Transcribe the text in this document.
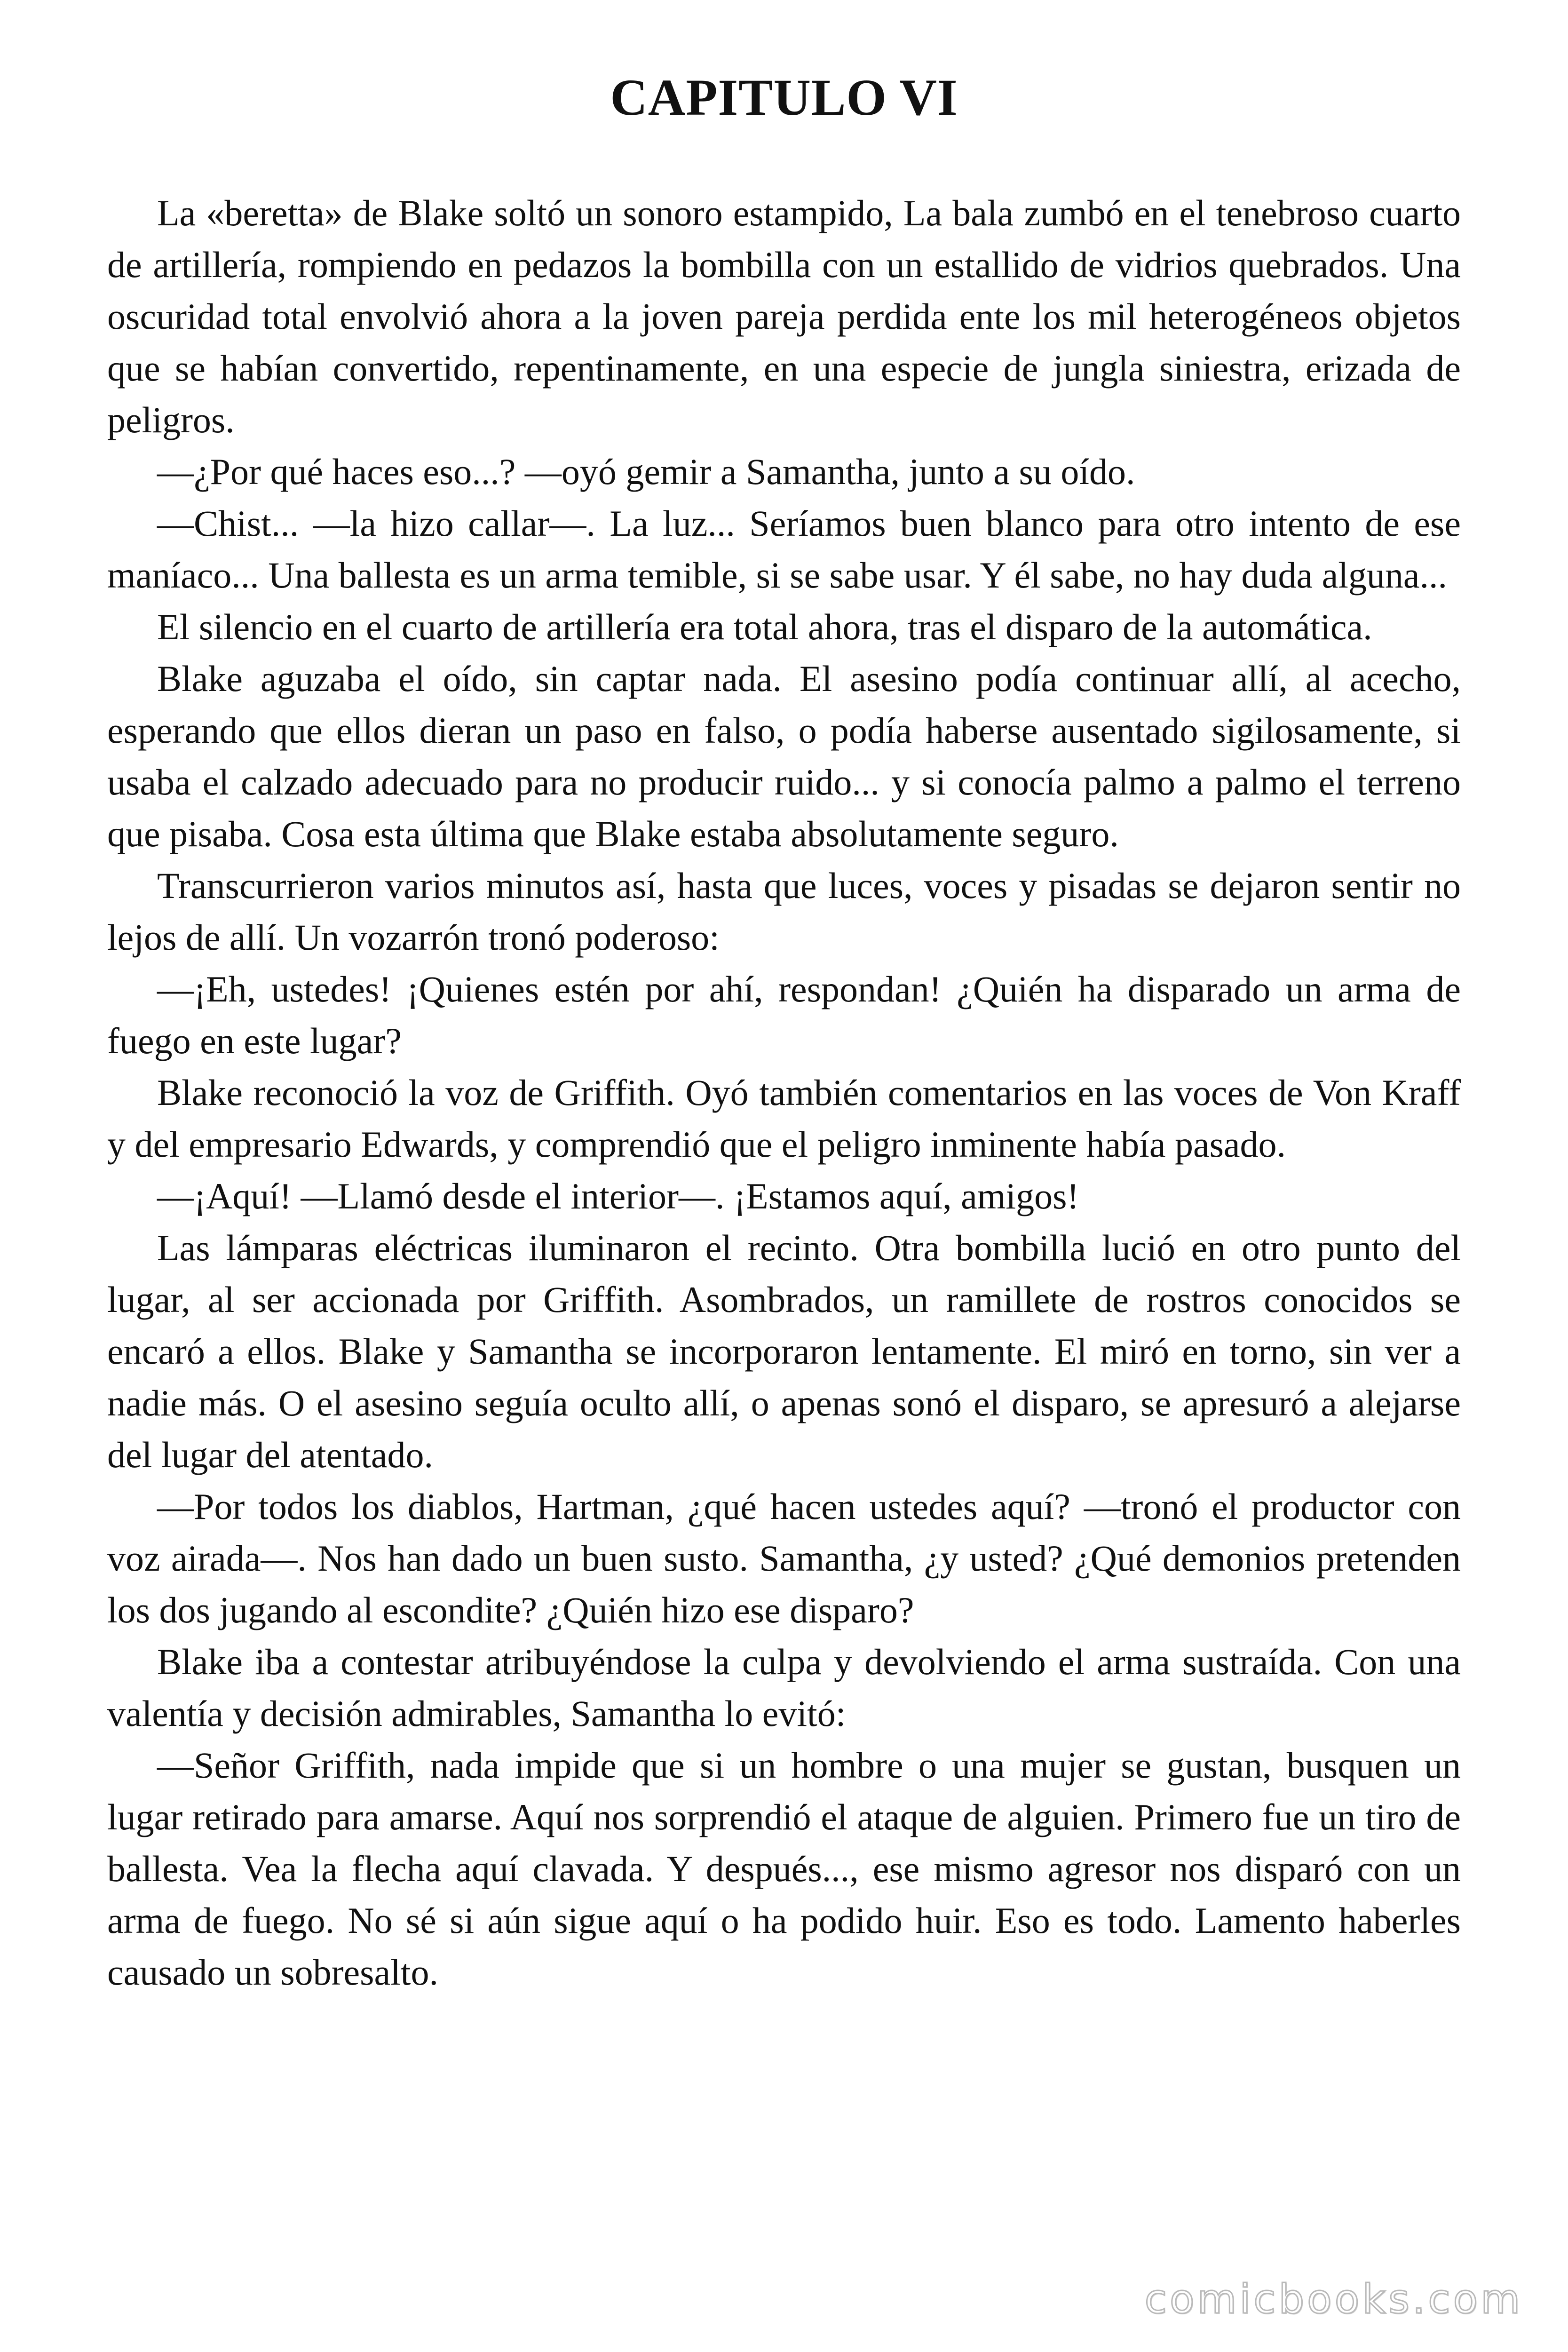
CAPITULO VI

La «beretta» de Blake soltó un sonoro estampido, La bala zumbó en el tenebroso cuarto de artillería, rompiendo en pedazos la bombilla con un estallido de vidrios quebrados. Una oscuridad total envolvió ahora a la joven pareja perdida ente los mil heterogéneos objetos que se habían convertido, repentinamente, en una especie de jungla siniestra, erizada de peligros.

—¿Por qué haces eso...? —oyó gemir a Samantha, junto a su oído.

—Chist... —la hizo callar—. La luz... Seríamos buen blanco para otro intento de ese maníaco... Una ballesta es un arma temible, si se sabe usar. Y él sabe, no hay duda alguna...

El silencio en el cuarto de artillería era total ahora, tras el disparo de la automática.

Blake aguzaba el oído, sin captar nada. El asesino podía continuar allí, al acecho, esperando que ellos dieran un paso en falso, o podía haberse ausentado sigilosamente, si usaba el calzado adecuado para no producir ruido... y si conocía palmo a palmo el terreno que pisaba. Cosa esta última que Blake estaba absolutamente seguro.

Transcurrieron varios minutos así, hasta que luces, voces y pisadas se dejaron sentir no lejos de allí. Un vozarrón tronó poderoso:

—¡Eh, ustedes! ¡Quienes estén por ahí, respondan! ¿Quién ha disparado un arma de fuego en este lugar?

Blake reconoció la voz de Griffith. Oyó también comentarios en las voces de Von Kraff y del empresario Edwards, y comprendió que el peligro inminente había pasado.

—¡Aquí! —Llamó desde el interior—. ¡Estamos aquí, amigos!

Las lámparas eléctricas iluminaron el recinto. Otra bombilla lució en otro punto del lugar, al ser accionada por Griffith. Asombrados, un ramillete de rostros conocidos se encaró a ellos. Blake y Samantha se incorporaron lentamente. El miró en torno, sin ver a nadie más. O el asesino seguía oculto allí, o apenas sonó el disparo, se apresuró a alejarse del lugar del atentado.

—Por todos los diablos, Hartman, ¿qué hacen ustedes aquí? —tronó el productor con voz airada—. Nos han dado un buen susto. Samantha, ¿y usted? ¿Qué demonios pretenden los dos jugando al escondite? ¿Quién hizo ese disparo?

Blake iba a contestar atribuyéndose la culpa y devolviendo el arma sustraída. Con una valentía y decisión admirables, Samantha lo evitó:

—Señor Griffith, nada impide que si un hombre o una mujer se gustan, busquen un lugar retirado para amarse. Aquí nos sorprendió el ataque de alguien. Primero fue un tiro de ballesta. Vea la flecha aquí clavada. Y después..., ese mismo agresor nos disparó con un arma de fuego. No sé si aún sigue aquí o ha podido huir. Eso es todo. Lamento haberles causado un sobresalto.

comicbooks.com
